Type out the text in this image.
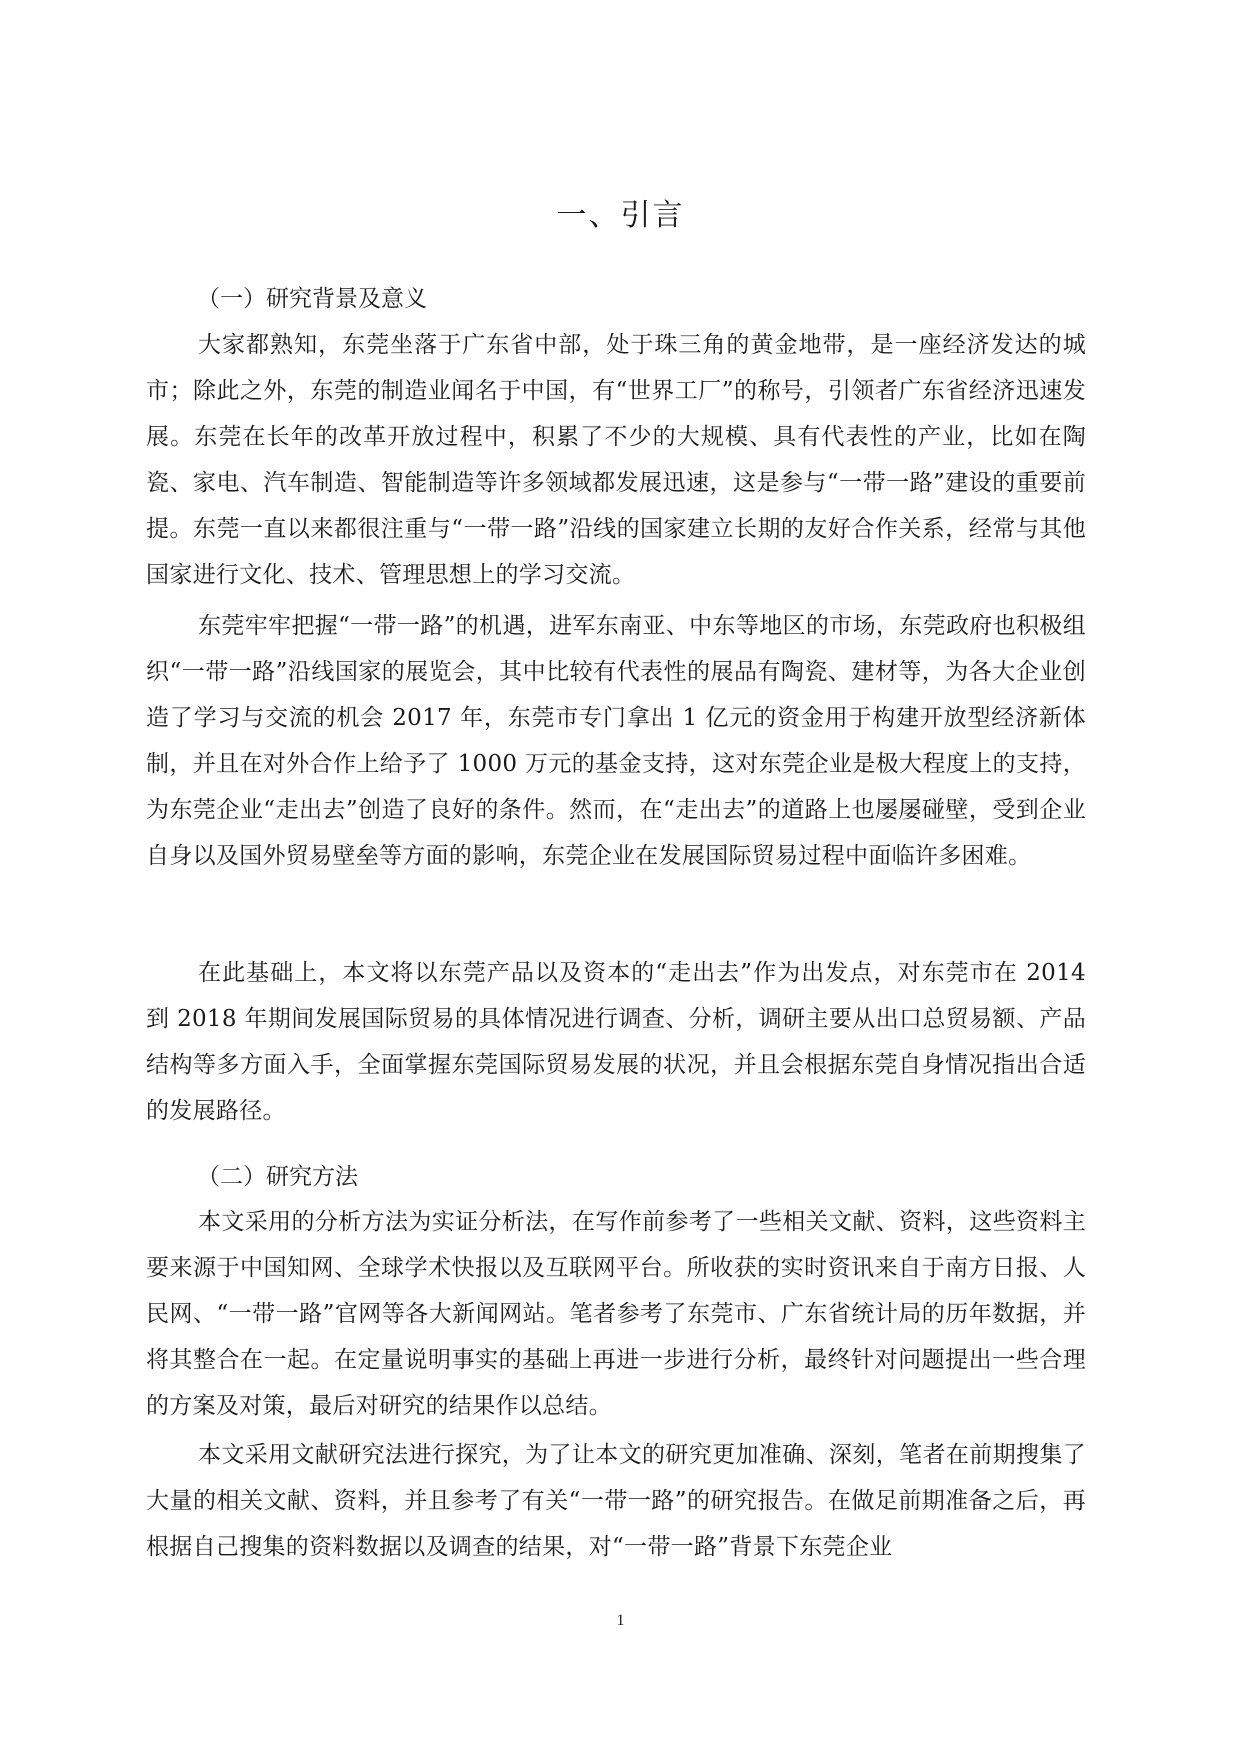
一、引言
（一）研究背景及意义

大家都熟知，东莞坐落于广东省中部，处于珠三角的黄金地带，是一座经济发达的城市；除此之外，东莞的制造业闻名于中国，有“世界工厂”的称号，引领者广东省经济迅速发展。东莞在长年的改革开放过程中，积累了不少的大规模、具有代表性的产业，比如在陶瓷、家电、汽车制造、智能制造等许多领域都发展迅速，这是参与“一带一路”建设的重要前提。东莞一直以来都很注重与“一带一路”沿线的国家建立长期的友好合作关系，经常与其他国家进行文化、技术、管理思想上的学习交流。

东莞牢牢把握“一带一路”的机遇，进军东南亚、中东等地区的市场，东莞政府也积极组织“一带一路”沿线国家的展览会，其中比较有代表性的展品有陶瓷、建材等，为各大企业创造了学习与交流的机会 2017 年，东莞市专门拿出 1 亿元的资金用于构建开放型经济新体制，并且在对外合作上给予了 1000 万元的基金支持，这对东莞企业是极大程度上的支持，为东莞企业“走出去”创造了良好的条件。然而，在“走出去”的道路上也屡屡碰壁，受到企业自身以及国外贸易壁垒等方面的影响，东莞企业在发展国际贸易过程中面临许多困难。

在此基础上，本文将以东莞产品以及资本的“走出去”作为出发点，对东莞市在 2014 到 2018 年期间发展国际贸易的具体情况进行调查、分析，调研主要从出口总贸易额、产品结构等多方面入手，全面掌握东莞国际贸易发展的状况，并且会根据东莞自身情况指出合适的发展路径。

（二）研究方法

本文采用的分析方法为实证分析法，在写作前参考了一些相关文献、资料，这些资料主要来源于中国知网、全球学术快报以及互联网平台。所收获的实时资讯来自于南方日报、人民网、“一带一路”官网等各大新闻网站。笔者参考了东莞市、广东省统计局的历年数据，并将其整合在一起。在定量说明事实的基础上再进一步进行分析，最终针对问题提出一些合理的方案及对策，最后对研究的结果作以总结。

本文采用文献研究法进行探究，为了让本文的研究更加准确、深刻，笔者在前期搜集了大量的相关文献、资料，并且参考了有关“一带一路”的研究报告。在做足前期准备之后，再根据自己搜集的资料数据以及调查的结果，对“一带一路”背景下东莞企业

1
